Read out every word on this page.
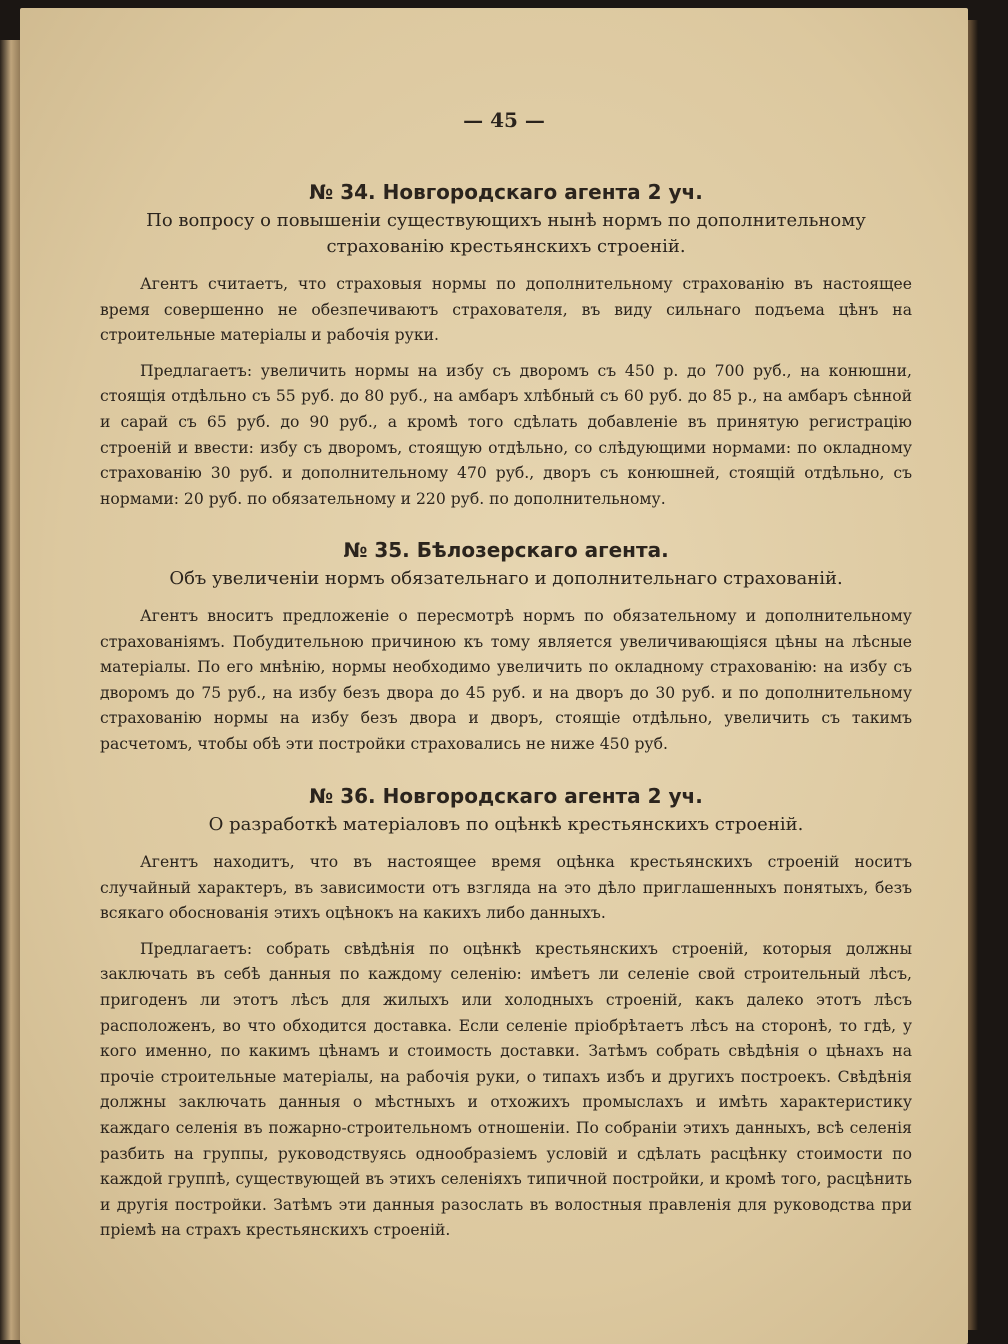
— 45 —
№ 34. Новгородскаго агента 2 уч.

По вопросу о повышеніи существующихъ нынѣ нормъ по дополнительному страхованію крестьянскихъ строеній.

Агентъ считаетъ, что страховыя нормы по дополнительному страхованію въ настоящее время совершенно не обезпечиваютъ страхователя, въ виду сильнаго подъема цѣнъ на строительные матеріалы и рабочія руки.

Предлагаетъ: увеличить нормы на избу съ дворомъ съ 450 р. до 700 руб., на конюшни, стоящія отдѣльно съ 55 руб. до 80 руб., на амбаръ хлѣбный съ 60 руб. до 85 р., на амбаръ сѣнной и сарай съ 65 руб. до 90 руб., а кромѣ того сдѣлать добавленіе въ принятую регистрацію строеній и ввести: избу съ дворомъ, стоящую отдѣльно, со слѣдующими нормами: по окладному страхованію 30 руб. и дополнительному 470 руб., дворъ съ конюшней, стоящій отдѣльно, съ нормами: 20 руб. по обязательному и 220 руб. по дополнительному.

№ 35. Бѣлозерскаго агента.

Объ увеличеніи нормъ обязательнаго и дополнительнаго страхованій.

Агентъ вноситъ предложеніе о пересмотрѣ нормъ по обязательному и дополнительному страхованіямъ. Побудительною причиною къ тому является увеличивающіяся цѣны на лѣсные матеріалы. По его мнѣнію, нормы необходимо увеличить по окладному страхованію: на избу съ дворомъ до 75 руб., на избу безъ двора до 45 руб. и на дворъ до 30 руб. и по дополнительному страхованію нормы на избу безъ двора и дворъ, стоящіе отдѣльно, увеличить съ такимъ расчетомъ, чтобы обѣ эти постройки страховались не ниже 450 руб.

№ 36. Новгородскаго агента 2 уч.

О разработкѣ матеріаловъ по оцѣнкѣ крестьянскихъ строеній.

Агентъ находитъ, что въ настоящее время оцѣнка крестьянскихъ строеній носитъ случайный характеръ, въ зависимости отъ взгляда на это дѣло приглашенныхъ понятыхъ, безъ всякаго обоснованія этихъ оцѣнокъ на какихъ либо данныхъ.

Предлагаетъ: собрать свѣдѣнія по оцѣнкѣ крестьянскихъ строеній, которыя должны заключать въ себѣ данныя по каждому селенію: имѣетъ ли селеніе свой строительный лѣсъ, пригоденъ ли этотъ лѣсъ для жилыхъ или холодныхъ строеній, какъ далеко этотъ лѣсъ расположенъ, во что обходится доставка. Если селеніе пріобрѣтаетъ лѣсъ на сторонѣ, то гдѣ, у кого именно, по какимъ цѣнамъ и стоимость доставки. Затѣмъ собрать свѣдѣнія о цѣнахъ на прочіе строительные матеріалы, на рабочія руки, о типахъ избъ и другихъ построекъ. Свѣдѣнія должны заключать данныя о мѣстныхъ и отхожихъ промыслахъ и имѣть характеристику каждаго селенія въ пожарно-строительномъ отношеніи. По собраніи этихъ данныхъ, всѣ селенія разбить на группы, руководствуясь однообразіемъ условій и сдѣлать расцѣнку стоимости по каждой группѣ, существующей въ этихъ селеніяхъ типичной постройки, и кромѣ того, расцѣнить и другія постройки. Затѣмъ эти данныя разослать въ волостныя правленія для руководства при пріемѣ на страхъ крестьянскихъ строеній.
